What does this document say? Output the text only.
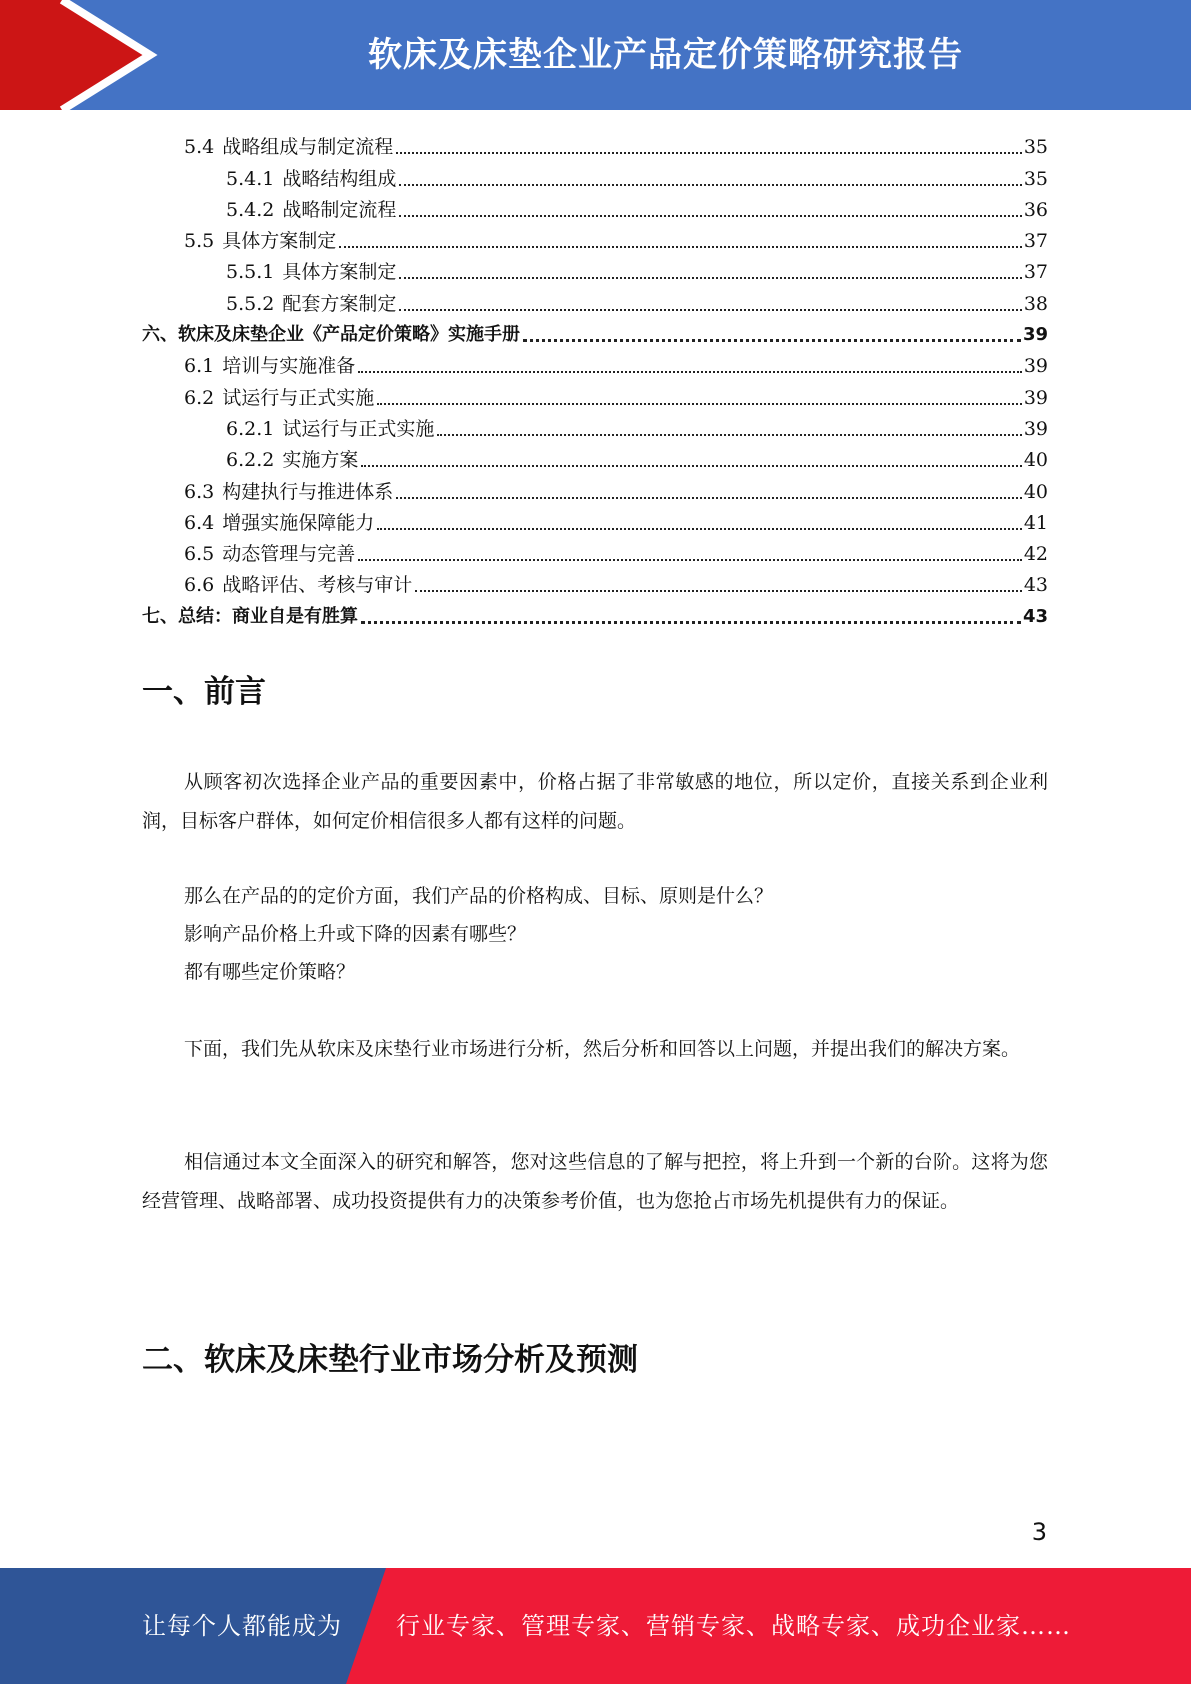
软床及床垫企业产品定价策略研究报告
5.4 战略组成与制定流程	35
5.4.1 战略结构组成	35
5.4.2 战略制定流程	36
5.5 具体方案制定	37
5.5.1 具体方案制定	37
5.5.2 配套方案制定	38
六、软床及床垫企业《产品定价策略》实施手册	39
6.1 培训与实施准备	39
6.2 试运行与正式实施	39
6.2.1 试运行与正式实施	39
6.2.2 实施方案	40
6.3 构建执行与推进体系	40
6.4 增强实施保障能力	41
6.5 动态管理与完善	42
6.6 战略评估、考核与审计	43
七、总结：商业自是有胜算	43
一、前言

从顾客初次选择企业产品的重要因素中，价格占据了非常敏感的地位，所以定价，直接关系到企业利润，目标客户群体，如何定价相信很多人都有这样的问题。

那么在产品的的定价方面，我们产品的价格构成、目标、原则是什么？

影响产品价格上升或下降的因素有哪些？

都有哪些定价策略？

下面，我们先从软床及床垫行业市场进行分析，然后分析和回答以上问题，并提出我们的解决方案。

相信通过本文全面深入的研究和解答，您对这些信息的了解与把控，将上升到一个新的台阶。这将为您经营管理、战略部署、成功投资提供有力的决策参考价值，也为您抢占市场先机提供有力的保证。

二、软床及床垫行业市场分析及预测
3
让每个人都能成为 行业专家、管理专家、营销专家、战略专家、成功企业家……
